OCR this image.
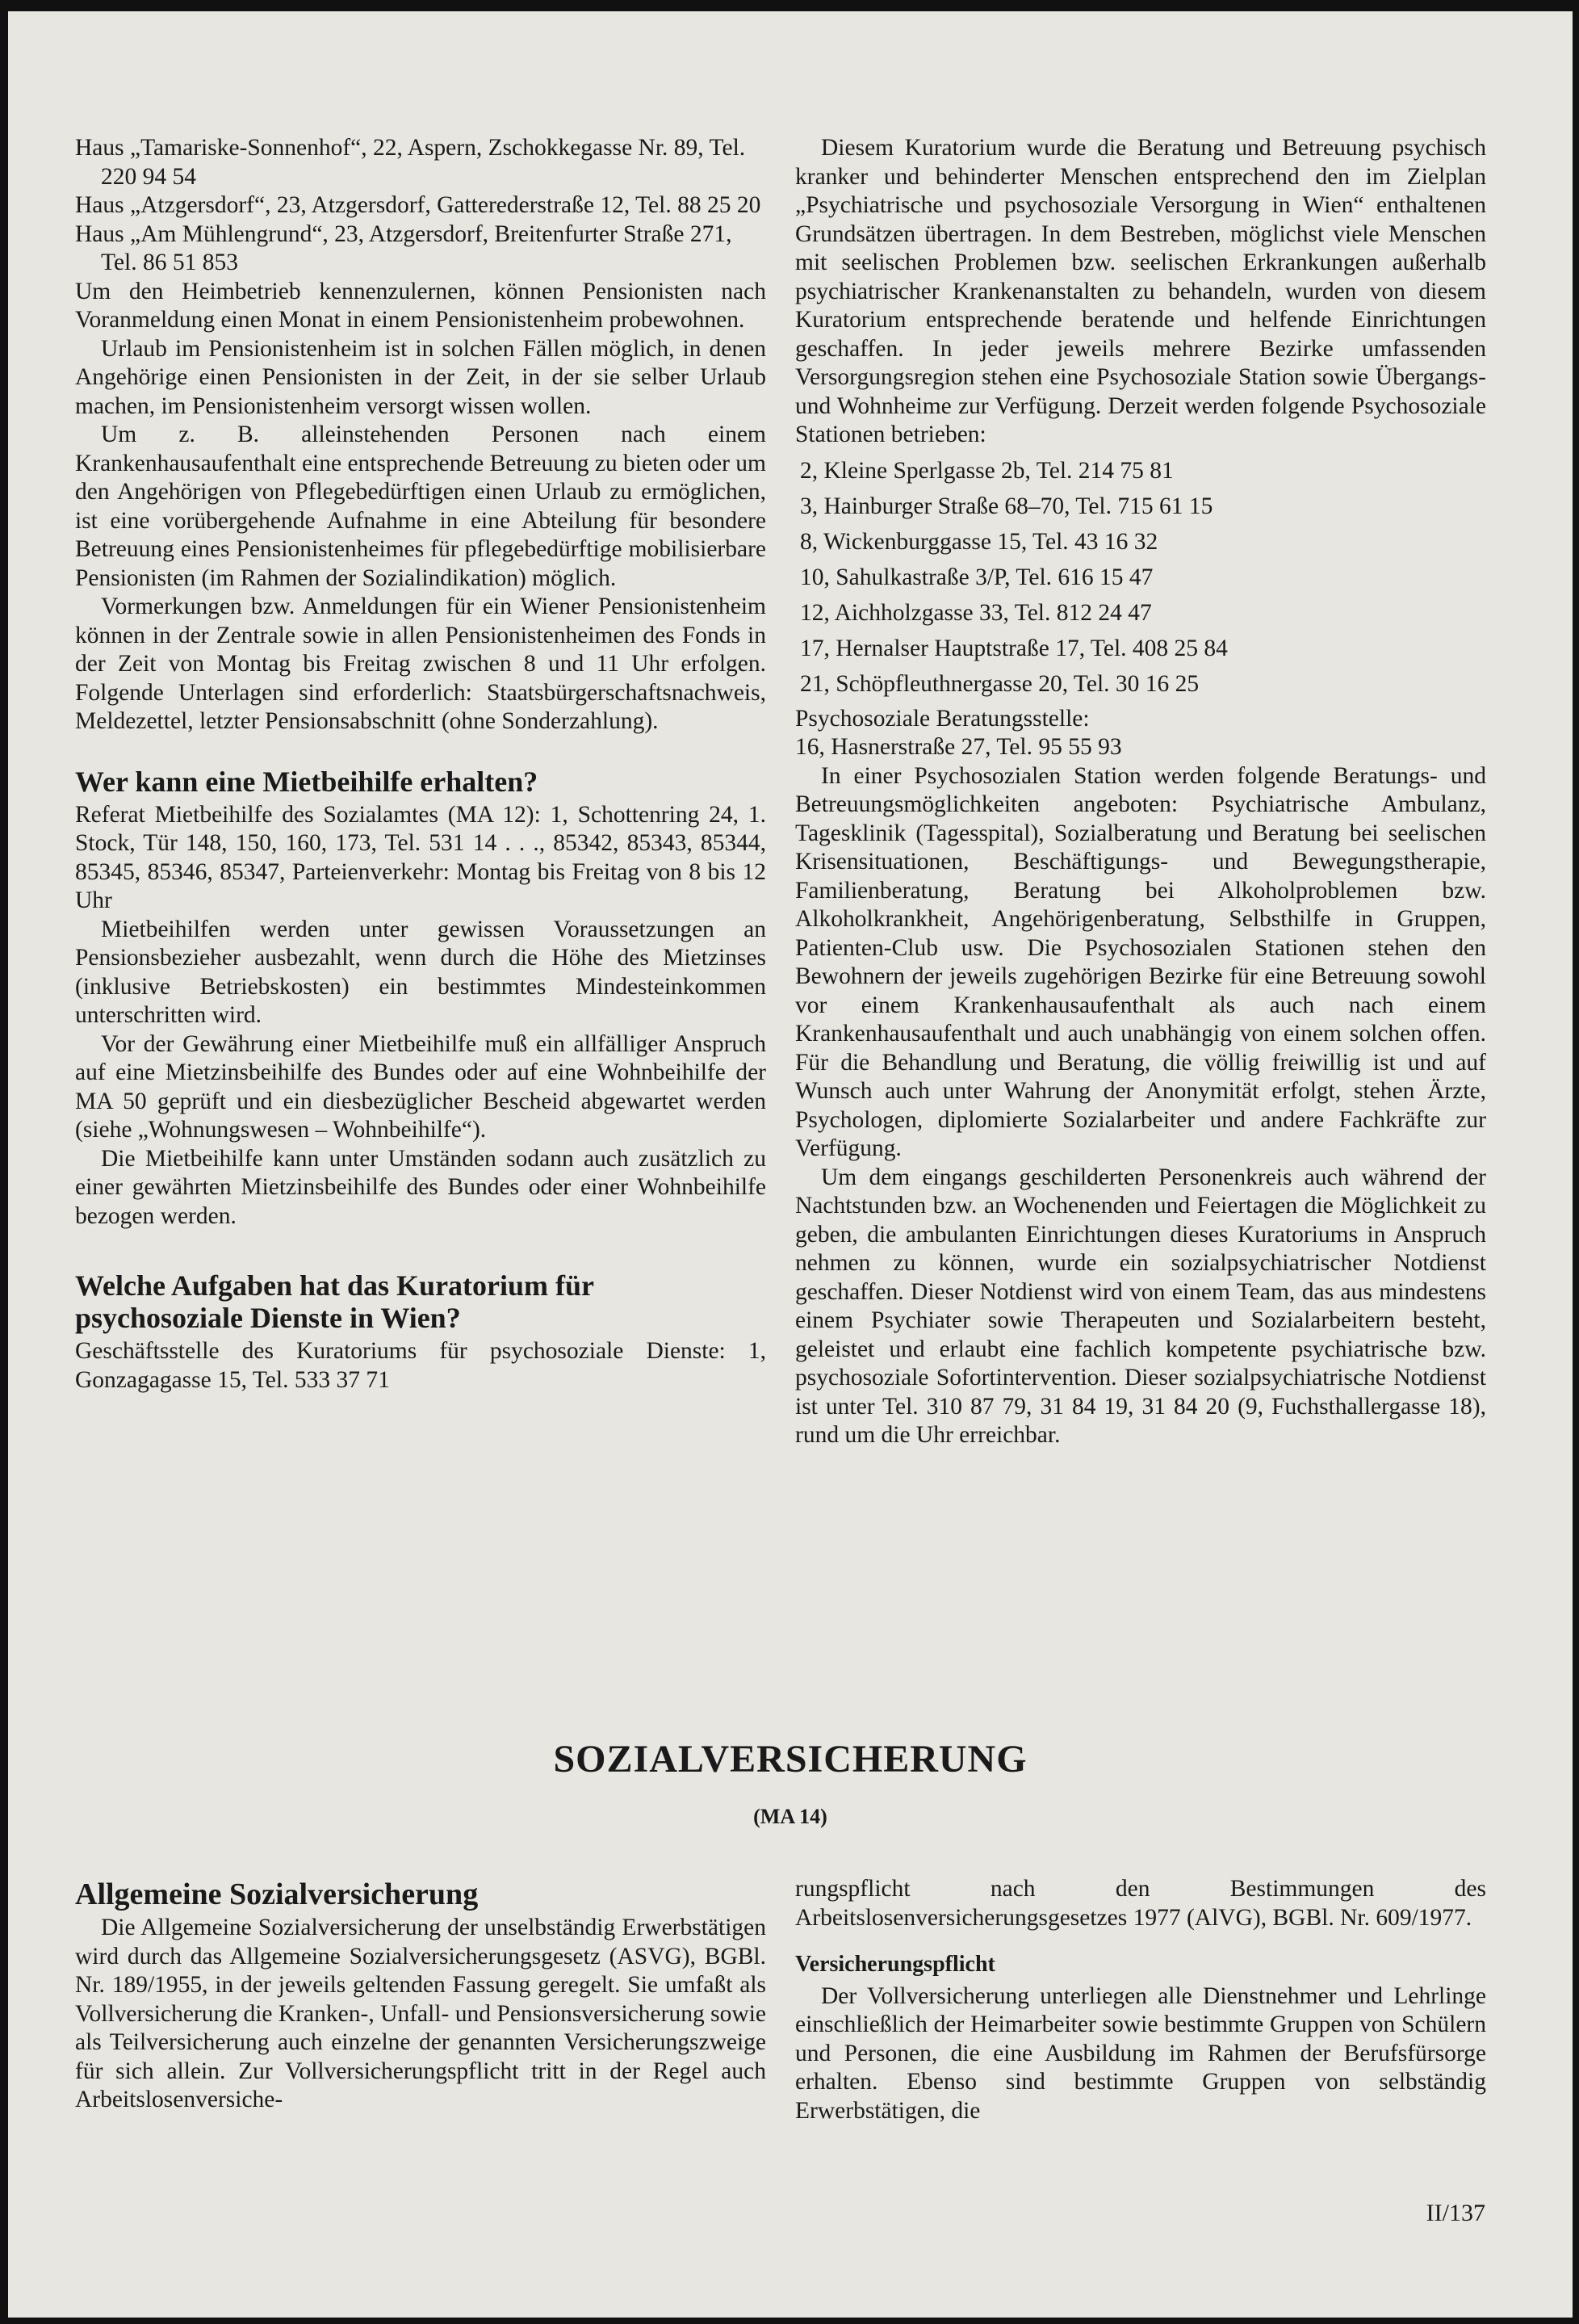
Haus „Tamariske-Sonnenhof“, 22, Aspern, Zschokkegasse Nr. 89, Tel. 220 94 54

Haus „Atzgersdorf“, 23, Atzgersdorf, Gatterederstraße 12, Tel. 88 25 20

Haus „Am Mühlengrund“, 23, Atzgersdorf, Breitenfurter Straße 271, Tel. 86 51 853

Um den Heimbetrieb kennenzulernen, können Pensionisten nach Voranmeldung einen Monat in einem Pensionistenheim probewohnen.

Urlaub im Pensionistenheim ist in solchen Fällen möglich, in denen Angehörige einen Pensionisten in der Zeit, in der sie selber Urlaub machen, im Pensionistenheim versorgt wissen wollen.

Um z. B. alleinstehenden Personen nach einem Krankenhausaufenthalt eine entsprechende Betreuung zu bieten oder um den Angehörigen von Pflegebedürftigen einen Urlaub zu ermöglichen, ist eine vorübergehende Aufnahme in eine Abteilung für besondere Betreuung eines Pensionistenheimes für pflegebedürftige mobilisierbare Pensionisten (im Rahmen der Sozialindikation) möglich.

Vormerkungen bzw. Anmeldungen für ein Wiener Pensionistenheim können in der Zentrale sowie in allen Pensionistenheimen des Fonds in der Zeit von Montag bis Freitag zwischen 8 und 11 Uhr erfolgen. Folgende Unterlagen sind erforderlich: Staatsbürgerschaftsnachweis, Meldezettel, letzter Pensionsabschnitt (ohne Sonderzahlung).

Wer kann eine Mietbeihilfe erhalten?

Referat Mietbeihilfe des Sozialamtes (MA 12): 1, Schottenring 24, 1. Stock, Tür 148, 150, 160, 173, Tel. 531 14 . . ., 85342, 85343, 85344, 85345, 85346, 85347, Parteienverkehr: Montag bis Freitag von 8 bis 12 Uhr

Mietbeihilfen werden unter gewissen Voraussetzungen an Pensionsbezieher ausbezahlt, wenn durch die Höhe des Mietzinses (inklusive Betriebskosten) ein bestimmtes Mindesteinkommen unterschritten wird.

Vor der Gewährung einer Mietbeihilfe muß ein allfälliger Anspruch auf eine Mietzinsbeihilfe des Bundes oder auf eine Wohnbeihilfe der MA 50 geprüft und ein diesbezüglicher Bescheid abgewartet werden (siehe „Wohnungswesen – Wohnbeihilfe“).

Die Mietbeihilfe kann unter Umständen sodann auch zusätzlich zu einer gewährten Mietzinsbeihilfe des Bundes oder einer Wohnbeihilfe bezogen werden.

Welche Aufgaben hat das Kuratorium für psychosoziale Dienste in Wien?

Geschäftsstelle des Kuratoriums für psychosoziale Dienste: 1, Gonzagagasse 15, Tel. 533 37 71

Diesem Kuratorium wurde die Beratung und Betreuung psychisch kranker und behinderter Menschen entsprechend den im Zielplan „Psychiatrische und psychosoziale Versorgung in Wien“ enthaltenen Grundsätzen übertragen. In dem Bestreben, möglichst viele Menschen mit seelischen Problemen bzw. seelischen Erkrankungen außerhalb psychiatrischer Krankenanstalten zu behandeln, wurden von diesem Kuratorium entsprechende beratende und helfende Einrichtungen geschaffen. In jeder jeweils mehrere Bezirke umfassenden Versorgungsregion stehen eine Psychosoziale Station sowie Übergangs- und Wohnheime zur Verfügung. Derzeit werden folgende Psychosoziale Stationen betrieben:

2, Kleine Sperlgasse 2b, Tel. 214 75 81
3, Hainburger Straße 68–70, Tel. 715 61 15
8, Wickenburggasse 15, Tel. 43 16 32
10, Sahulkastraße 3/P, Tel. 616 15 47
12, Aichholzgasse 33, Tel. 812 24 47
17, Hernalser Hauptstraße 17, Tel. 408 25 84
21, Schöpfleuthnergasse 20, Tel. 30 16 25

Psychosoziale Beratungsstelle:

16, Hasnerstraße 27, Tel. 95 55 93

In einer Psychosozialen Station werden folgende Beratungs- und Betreuungsmöglichkeiten angeboten: Psychiatrische Ambulanz, Tagesklinik (Tagesspital), Sozialberatung und Beratung bei seelischen Krisensituationen, Beschäftigungs- und Bewegungstherapie, Familienberatung, Beratung bei Alkoholproblemen bzw. Alkoholkrankheit, Angehörigenberatung, Selbsthilfe in Gruppen, Patienten-Club usw. Die Psychosozialen Stationen stehen den Bewohnern der jeweils zugehörigen Bezirke für eine Betreuung sowohl vor einem Krankenhausaufenthalt als auch nach einem Krankenhausaufenthalt und auch unabhängig von einem solchen offen. Für die Behandlung und Beratung, die völlig freiwillig ist und auf Wunsch auch unter Wahrung der Anonymität erfolgt, stehen Ärzte, Psychologen, diplomierte Sozialarbeiter und andere Fachkräfte zur Verfügung.

Um dem eingangs geschilderten Personenkreis auch während der Nachtstunden bzw. an Wochenenden und Feiertagen die Möglichkeit zu geben, die ambulanten Einrichtungen dieses Kuratoriums in Anspruch nehmen zu können, wurde ein sozialpsychiatrischer Notdienst geschaffen. Dieser Notdienst wird von einem Team, das aus mindestens einem Psychiater sowie Therapeuten und Sozialarbeitern besteht, geleistet und erlaubt eine fachlich kompetente psychiatrische bzw. psychosoziale Sofortintervention. Dieser sozialpsychiatrische Notdienst ist unter Tel. 310 87 79, 31 84 19, 31 84 20 (9, Fuchsthallergasse 18), rund um die Uhr erreichbar.

SOZIALVERSICHERUNG
(MA 14)
Allgemeine Sozialversicherung

Die Allgemeine Sozialversicherung der unselbständig Erwerbstätigen wird durch das Allgemeine Sozialversicherungsgesetz (ASVG), BGBl. Nr. 189/1955, in der jeweils geltenden Fassung geregelt. Sie umfaßt als Vollversicherung die Kranken-, Unfall- und Pensionsversicherung sowie als Teilversicherung auch einzelne der genannten Versicherungszweige für sich allein. Zur Vollversicherungspflicht tritt in der Regel auch Arbeitslosenversiche-

rungspflicht nach den Bestimmungen des Arbeitslosenversicherungsgesetzes 1977 (AlVG), BGBl. Nr. 609/1977.

Versicherungspflicht

Der Vollversicherung unterliegen alle Dienstnehmer und Lehrlinge einschließlich der Heimarbeiter sowie bestimmte Gruppen von Schülern und Personen, die eine Ausbildung im Rahmen der Berufsfürsorge erhalten. Ebenso sind bestimmte Gruppen von selbständig Erwerbstätigen, die

II/137
